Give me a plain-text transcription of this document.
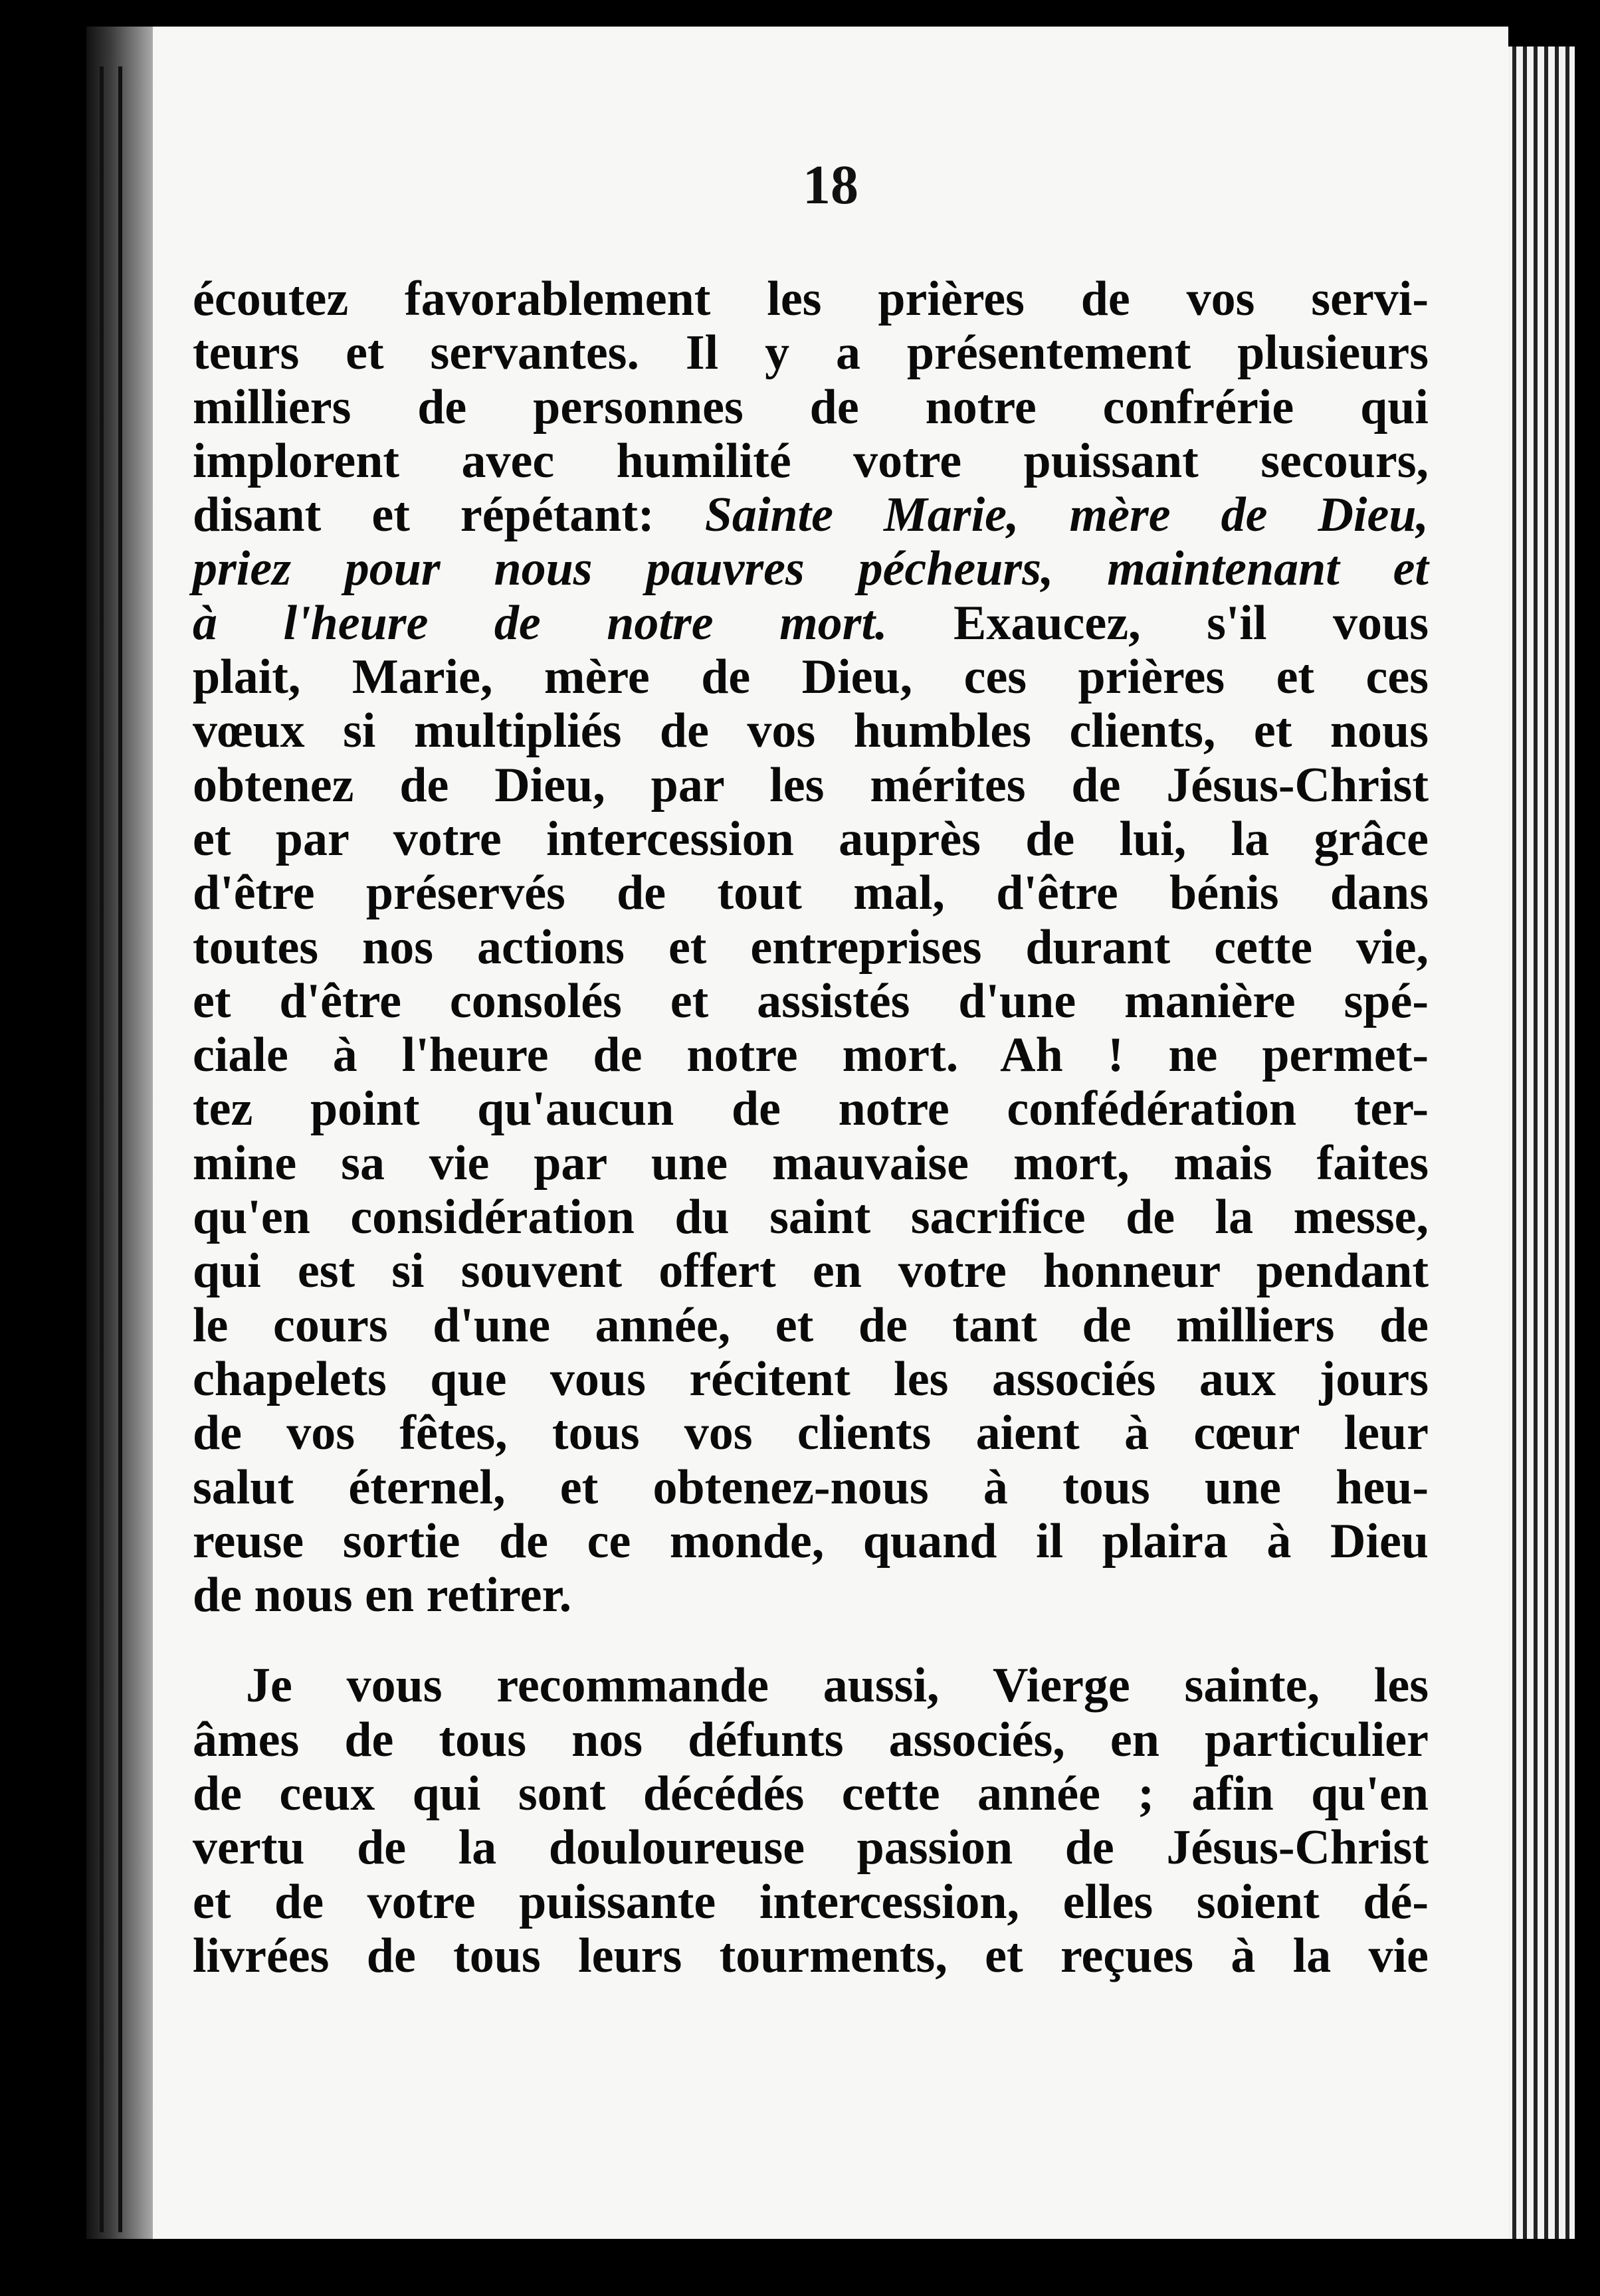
18
écoutez favorablement les prières de vos servi-
teurs et servantes. Il y a présentement plusieurs
milliers de personnes de notre confrérie qui
implorent avec humilité votre puissant secours,
disant et répétant: Sainte Marie, mère de Dieu,
priez pour nous pauvres pécheurs, maintenant et
à l'heure de notre mort. Exaucez, s'il vous
plait, Marie, mère de Dieu, ces prières et ces
vœux si multipliés de vos humbles clients, et nous
obtenez de Dieu, par les mérites de Jésus-Christ
et par votre intercession auprès de lui, la grâce
d'être préservés de tout mal, d'être bénis dans
toutes nos actions et entreprises durant cette vie,
et d'être consolés et assistés d'une manière spé-
ciale à l'heure de notre mort. Ah ! ne permet-
tez point qu'aucun de notre confédération ter-
mine sa vie par une mauvaise mort, mais faites
qu'en considération du saint sacrifice de la messe,
qui est si souvent offert en votre honneur pendant
le cours d'une année, et de tant de milliers de
chapelets que vous récitent les associés aux jours
de vos fêtes, tous vos clients aient à cœur leur
salut éternel, et obtenez-nous à tous une heu-
reuse sortie de ce monde, quand il plaira à Dieu
de nous en retirer.
Je vous recommande aussi, Vierge sainte, les
âmes de tous nos défunts associés, en particulier
de ceux qui sont décédés cette année ; afin qu'en
vertu de la douloureuse passion de Jésus-Christ
et de votre puissante intercession, elles soient dé-
livrées de tous leurs tourments, et reçues à la vie
